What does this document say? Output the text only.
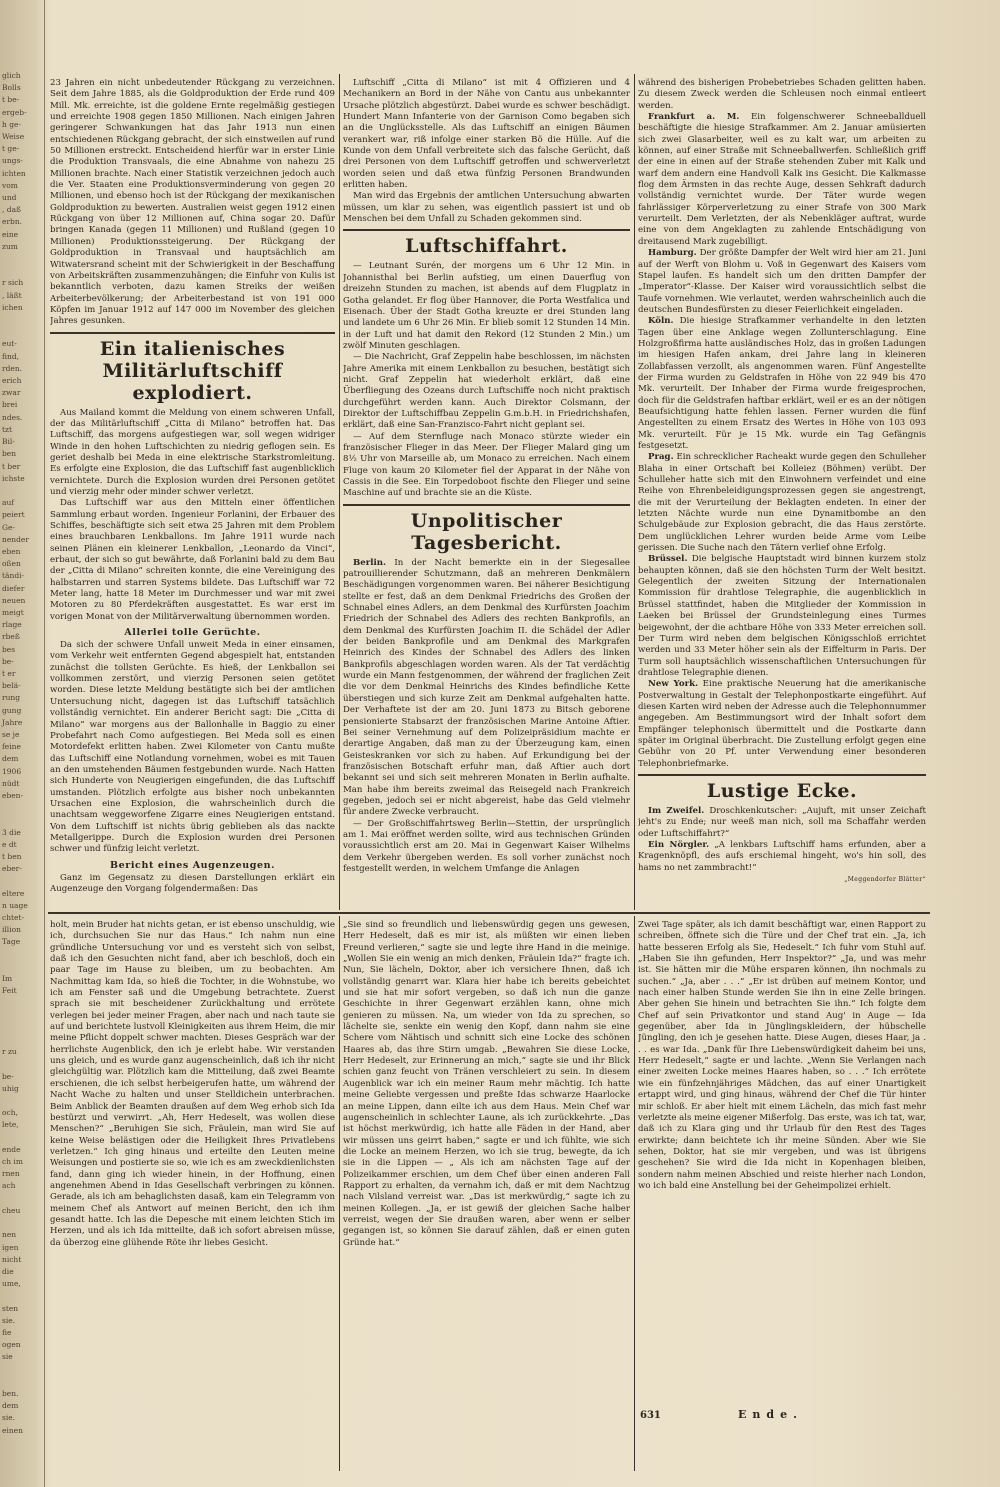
glich
Bolls
t be-
ergeb-
h ge-
Weise
t ge-
ungs-
ichten
vom
und
, daß
erbn.
eine
zum

r sich
, läßt
ichen

eut-
find,
rden.
erich
zwar
brei
ndes.
tzt
Bil-
ben
t ber
ichste

auf
peiert
Ge-
nender
eben
oßen
tändi-
diefer
neuen
meigt
rlage
rbeß
bes
be-
t er
belä-
rung
gung
Jahre
se je
feine
dem
1906
nüdt
eben-

3 die
e dt
t ben
eber-

eltere
n uage
chtet-
illion
Tage

Im
Feit

r zu

be-
uhig

och,
lete,

ende
ch im
rnen
ach

cheu

nen
igen
nicht
die
ume,

sten
sie.
fie
ogen
sie

ben.
dem
sie.
einen

23 Jahren ein nicht unbedeutender Rückgang zu verzeichnen. Seit dem Jahre 1885, als die Goldproduktion der Erde rund 409 Mill. Mk. erreichte, ist die goldene Ernte regelmäßig gestiegen und erreichte 1908 gegen 1850 Millionen. Nach einigen Jahren geringerer Schwankungen hat das Jahr 1913 nun einen entschiedenen Rückgang gebracht, der sich einstweilen auf rund 50 Millionen erstreckt. Entscheidend hierfür war in erster Linie die Produktion Transvaals, die eine Abnahme von nahezu 25 Millionen brachte. Nach einer Statistik verzeichnen jedoch auch die Ver. Staaten eine Produktionsverminderung von gegen 20 Millionen, und ebenso hoch ist der Rückgang der mexikanischen Goldproduktion zu bewerten. Australien weist gegen 1912 einen Rückgang von über 12 Millionen auf, China sogar 20. Dafür bringen Kanada (gegen 11 Millionen) und Rußland (gegen 10 Millionen) Produktionssteigerung. Der Rückgang der Goldproduktion in Transvaal und hauptsächlich am Witwatersrand scheint mit der Schwierigkeit in der Beschaffung von Arbeitskräften zusammenzuhängen; die Einfuhr von Kulis ist bekanntlich verboten, dazu kamen Streiks der weißen Arbeiterbevölkerung; der Arbeiterbestand ist von 191 000 Köpfen im Januar 1912 auf 147 000 im November des gleichen Jahres gesunken.

Ein italienisches Militärluftschiff explodiert.

Aus Mailand kommt die Meldung von einem schweren Unfall, der das Militärluftschiff „Citta di Milano“ betroffen hat. Das Luftschiff, das morgens aufgestiegen war, soll wegen widriger Winde in den hohen Luftschichten zu niedrig geflogen sein. Es geriet deshalb bei Meda in eine elektrische Starkstromleitung. Es erfolgte eine Explosion, die das Luftschiff fast augenblicklich vernichtete. Durch die Explosion wurden drei Personen getötet und vierzig mehr oder minder schwer verletzt.

Das Luftschiff war aus den Mitteln einer öffentlichen Sammlung erbaut worden. Ingenieur Forlanini, der Erbauer des Schiffes, beschäftigte sich seit etwa 25 Jahren mit dem Problem eines brauchbaren Lenkballons. Im Jahre 1911 wurde nach seinen Plänen ein kleinerer Lenkballon, „Leonardo da Vinci“, erbaut, der sich so gut bewährte, daß Forlanini bald zu dem Bau der „Citta di Milano“ schreiten konnte, die eine Vereinigung des halbstarren und starren Systems bildete. Das Luftschiff war 72 Meter lang, hatte 18 Meter im Durchmesser und war mit zwei Motoren zu 80 Pferdekräften ausgestattet. Es war erst im vorigen Monat von der Militärverwaltung übernommen worden.

Allerlei tolle Gerüchte.

Da sich der schwere Unfall unweit Meda in einer einsamen, vom Verkehr weit entfernten Gegend abgespielt hat, entstanden zunächst die tollsten Gerüchte. Es hieß, der Lenkballon sei vollkommen zerstört, und vierzig Personen seien getötet worden. Diese letzte Meldung bestätigte sich bei der amtlichen Untersuchung nicht, dagegen ist das Luftschiff tatsächlich vollständig vernichtet. Ein anderer Bericht sagt: Die „Citta di Milano“ war morgens aus der Ballonhalle in Baggio zu einer Probefahrt nach Como aufgestiegen. Bei Meda soll es einen Motordefekt erlitten haben. Zwei Kilometer von Cantu mußte das Luftschiff eine Notlandung vornehmen, wobei es mit Tauen an den umstehenden Bäumen festgebunden wurde. Nach Hatten sich Hunderte von Neugierigen eingefunden, die das Luftschiff umstanden. Plötzlich erfolgte aus bisher noch unbekannten Ursachen eine Explosion, die wahrscheinlich durch die unachtsam weggeworfene Zigarre eines Neugierigen entstand. Von dem Luftschiff ist nichts übrig geblieben als das nackte Metallgerippe. Durch die Explosion wurden drei Personen schwer und fünfzig leicht verletzt.

Bericht eines Augenzeugen.

Ganz im Gegensatz zu diesen Darstellungen erklärt ein Augenzeuge den Vorgang folgendermaßen: Das

Luftschiff „Citta di Milano“ ist mit 4 Offizieren und 4 Mechanikern an Bord in der Nähe von Cantu aus unbekannter Ursache plötzlich abgestürzt. Dabei wurde es schwer beschädigt. Hundert Mann Infanterie von der Garnison Como begaben sich an die Unglücksstelle. Als das Luftschiff an einigen Bäumen verankert war, riß infolge einer starken Bö die Hülle. Auf die Kunde von dem Unfall verbreitete sich das falsche Gerücht, daß drei Personen von dem Luftschiff getroffen und schwerverletzt worden seien und daß etwa fünfzig Personen Brandwunden erlitten haben.

Man wird das Ergebnis der amtlichen Untersuchung abwarten müssen, um klar zu sehen, was eigentlich passiert ist und ob Menschen bei dem Unfall zu Schaden gekommen sind.

Luftschiffahrt.

— Leutnant Surén, der morgens um 6 Uhr 12 Min. in Johannisthal bei Berlin aufstieg, um einen Dauerflug von dreizehn Stunden zu machen, ist abends auf dem Flugplatz in Gotha gelandet. Er flog über Hannover, die Porta Westfalica und Eisenach. Über der Stadt Gotha kreuzte er drei Stunden lang und landete um 6 Uhr 26 Min. Er blieb somit 12 Stunden 14 Min. in der Luft und hat damit den Rekord (12 Stunden 2 Min.) um zwölf Minuten geschlagen.

— Die Nachricht, Graf Zeppelin habe beschlossen, im nächsten Jahre Amerika mit einem Lenkballon zu besuchen, bestätigt sich nicht. Graf Zeppelin hat wiederholt erklärt, daß eine Überfliegung des Ozeans durch Luftschiffe noch nicht praktisch durchgeführt werden kann. Auch Direktor Colsmann, der Direktor der Luftschiffbau Zeppelin G.m.b.H. in Friedrichshafen, erklärt, daß eine San-Franzisco-Fahrt nicht geplant sei.

— Auf dem Sternfluge nach Monaco stürzte wieder ein französischer Flieger in das Meer. Der Flieger Malard ging um 8½ Uhr von Marseille ab, um Monaco zu erreichen. Nach einem Fluge von kaum 20 Kilometer fiel der Apparat in der Nähe von Cassis in die See. Ein Torpedoboot fischte den Flieger und seine Maschine auf und brachte sie an die Küste.

Unpolitischer Tagesbericht.

Berlin. In der Nacht bemerkte ein in der Siegesallee patrouillierender Schutzmann, daß an mehreren Denkmälern Beschädigungen vorgenommen waren. Bei näherer Besichtigung stellte er fest, daß an dem Denkmal Friedrichs des Großen der Schnabel eines Adlers, an dem Denkmal des Kurfürsten Joachim Friedrich der Schnabel des Adlers des rechten Bankprofils, an dem Denkmal des Kurfürsten Joachim II. die Schädel der Adler der beiden Bankprofile und am Denkmal des Markgrafen Heinrich des Kindes der Schnabel des Adlers des linken Bankprofils abgeschlagen worden waren. Als der Tat verdächtig wurde ein Mann festgenommen, der während der fraglichen Zeit die vor dem Denkmal Heinrichs des Kindes befindliche Kette überstiegen und sich kurze Zeit am Denkmal aufgehalten hatte. Der Verhaftete ist der am 20. Juni 1873 zu Bitsch geborene pensionierte Stabsarzt der französischen Marine Antoine Aftier. Bei seiner Vernehmung auf dem Polizeipräsidium machte er derartige Angaben, daß man zu der Überzeugung kam, einen Geisteskranken vor sich zu haben. Auf Erkundigung bei der französischen Botschaft erfuhr man, daß Aftier auch dort bekannt sei und sich seit mehreren Monaten in Berlin aufhalte. Man habe ihm bereits zweimal das Reisegeld nach Frankreich gegeben, jedoch sei er nicht abgereist, habe das Geld vielmehr für andere Zwecke verbraucht.

— Der Großschiffahrtsweg Berlin—Stettin, der ursprünglich am 1. Mai eröffnet werden sollte, wird aus technischen Gründen voraussichtlich erst am 20. Mai in Gegenwart Kaiser Wilhelms dem Verkehr übergeben werden. Es soll vorher zunächst noch festgestellt werden, in welchem Umfange die Anlagen

während des bisherigen Probebetriebes Schaden gelitten haben. Zu diesem Zweck werden die Schleusen noch einmal entleert werden.

Frankfurt a. M. Ein folgenschwerer Schneeballduell beschäftigte die hiesige Strafkammer. Am 2. Januar amüsierten sich zwei Glasarbeiter, weil es zu kalt war, um arbeiten zu können, auf einer Straße mit Schneeballwerfen. Schließlich griff der eine in einen auf der Straße stehenden Zuber mit Kalk und warf dem andern eine Handvoll Kalk ins Gesicht. Die Kalkmasse flog dem Ärmsten in das rechte Auge, dessen Sehkraft dadurch vollständig vernichtet wurde. Der Täter wurde wegen fahrlässiger Körperverletzung zu einer Strafe von 300 Mark verurteilt. Dem Verletzten, der als Nebenkläger auftrat, wurde eine von dem Angeklagten zu zahlende Entschädigung von dreitausend Mark zugebilligt.

Hamburg. Der größte Dampfer der Welt wird hier am 21. Juni auf der Werft von Blohm u. Voß in Gegenwart des Kaisers vom Stapel laufen. Es handelt sich um den dritten Dampfer der „Imperator“-Klasse. Der Kaiser wird voraussichtlich selbst die Taufe vornehmen. Wie verlautet, werden wahrscheinlich auch die deutschen Bundesfürsten zu dieser Feierlichkeit eingeladen.

Köln. Die hiesige Strafkammer verhandelte in den letzten Tagen über eine Anklage wegen Zollunterschlagung. Eine Holzgroßfirma hatte ausländisches Holz, das in großen Ladungen im hiesigen Hafen ankam, drei Jahre lang in kleineren Zollabfassen verzollt, als angenommen waren. Fünf Angestellte der Firma wurden zu Geldstrafen in Höhe von 22 949 bis 470 Mk. verurteilt. Der Inhaber der Firma wurde freigesprochen, doch für die Geldstrafen haftbar erklärt, weil er es an der nötigen Beaufsichtigung hatte fehlen lassen. Ferner wurden die fünf Angestellten zu einem Ersatz des Wertes in Höhe von 103 093 Mk. verurteilt. Für je 15 Mk. wurde ein Tag Gefängnis festgesetzt.

Prag. Ein schrecklicher Racheakt wurde gegen den Schulleher Blaha in einer Ortschaft bei Kolleiez (Böhmen) verübt. Der Schulleher hatte sich mit den Einwohnern verfeindet und eine Reihe von Ehrenbeleidigungsprozessen gegen sie angestrengt, die mit der Verurteilung der Beklagten endeten. In einer der letzten Nächte wurde nun eine Dynamitbombe an den Schulgebäude zur Explosion gebracht, die das Haus zerstörte. Dem unglücklichen Lehrer wurden beide Arme vom Leibe gerissen. Die Suche nach den Tätern verlief ohne Erfolg.

Brüssel. Die belgische Hauptstadt wird binnen kurzem stolz behaupten können, daß sie den höchsten Turm der Welt besitzt. Gelegentlich der zweiten Sitzung der Internationalen Kommission für drahtlose Telegraphie, die augenblicklich in Brüssel stattfindet, haben die Mitglieder der Kommission in Laeken bei Brüssel der Grundsteinlegung eines Turmes beigewohnt, der die achtbare Höhe von 333 Meter erreichen soll. Der Turm wird neben dem belgischen Königsschloß errichtet werden und 33 Meter höher sein als der Eiffelturm in Paris. Der Turm soll hauptsächlich wissenschaftlichen Untersuchungen für drahtlose Telegraphie dienen.

New York. Eine praktische Neuerung hat die amerikanische Postverwaltung in Gestalt der Telephonpostkarte eingeführt. Auf diesen Karten wird neben der Adresse auch die Telephonnummer angegeben. Am Bestimmungsort wird der Inhalt sofort dem Empfänger telephonisch übermittelt und die Postkarte dann später im Original überbracht. Die Zustellung erfolgt gegen eine Gebühr von 20 Pf. unter Verwendung einer besonderen Telephonbriefmarke.

Lustige Ecke.

Im Zweifel. Droschkenkutscher: „Aujuft, mit unser Zeichaft jeht's zu Ende; nur weeß man nich, soll ma Schaffahr werden oder Luftschiffahrt?“

Ein Nörgler. „A lenkbars Luftschiff hams erfunden, aber a Kragenknöpfl, des aufs erschiemal hingeht, wo's hin soll, des hams no net zammbracht!“

„Meggendorfer Blätter“

holt, mein Bruder hat nichts getan, er ist ebenso unschuldig, wie ich, durchsuchen Sie nur das Haus.“ Ich nahm nun eine gründliche Untersuchung vor und es versteht sich von selbst, daß ich den Gesuchten nicht fand, aber ich beschloß, doch ein paar Tage im Hause zu bleiben, um zu beobachten. Am Nachmittag kam Ida, so hieß die Tochter, in die Wohnstube, wo ich am Fenster saß und die Umgebung betrachtete. Zuerst sprach sie mit bescheidener Zurückhaltung und errötete verlegen bei jeder meiner Fragen, aber nach und nach taute sie auf und berichtete lustvoll Kleinigkeiten aus ihrem Heim, die mir meine Pflicht doppelt schwer machten. Dieses Gespräch war der herrlichste Augenblick, den ich je erlebt habe. Wir verstanden uns gleich, und es wurde ganz augenscheinlich, daß ich ihr nicht gleichgültig war. Plötzlich kam die Mitteilung, daß zwei Beamte erschienen, die ich selbst herbeigerufen hatte, um während der Nacht Wache zu halten und unser Stelldichein unterbrachen. Beim Anblick der Beamten draußen auf dem Weg erhob sich Ida bestürzt und verwirrt. „Ah, Herr Hedeselt, was wollen diese Menschen?“ „Beruhigen Sie sich, Fräulein, man wird Sie auf keine Weise belästigen oder die Heiligkeit Ihres Privatlebens verletzen.“ Ich ging hinaus und erteilte den Leuten meine Weisungen und postierte sie so, wie ich es am zweckdienlichsten fand, dann ging ich wieder hinein, in der Hoffnung, einen angenehmen Abend in Idas Gesellschaft verbringen zu können. Gerade, als ich am behaglichsten dasaß, kam ein Telegramm von meinem Chef als Antwort auf meinen Bericht, den ich ihm gesandt hatte. Ich las die Depesche mit einem leichten Stich im Herzen, und als ich Ida mitteilte, daß ich sofort abreisen müsse, da überzog eine glühende Röte ihr liebes Gesicht.

„Sie sind so freundlich und liebenswürdig gegen uns gewesen, Herr Hedeselt, daß es mir ist, als müßten wir einen lieben Freund verlieren,“ sagte sie und legte ihre Hand in die meinige. „Wollen Sie ein wenig an mich denken, Fräulein Ida?“ fragte ich. Nun, Sie lächeln, Doktor, aber ich versichere Ihnen, daß ich vollständig genarrt war. Klara hier habe ich bereits gebeichtet und sie hat mir sofort vergeben, so daß ich nun die ganze Geschichte in ihrer Gegenwart erzählen kann, ohne mich genieren zu müssen. Na, um wieder von Ida zu sprechen, so lächelte sie, senkte ein wenig den Kopf, dann nahm sie eine Schere vom Nähtisch und schnitt sich eine Locke des schönen Haares ab, das ihre Stirn umgab. „Bewahren Sie diese Locke, Herr Hedeselt, zur Erinnerung an mich,“ sagte sie und ihr Blick schien ganz feucht von Tränen verschleiert zu sein. In diesem Augenblick war ich ein meiner Raum mehr mächtig. Ich hatte meine Geliebte vergessen und preßte Idas schwarze Haarlocke an meine Lippen, dann eilte ich aus dem Haus. Mein Chef war augenscheinlich in schlechter Laune, als ich zurückkehrte. „Das ist höchst merkwürdig, ich hatte alle Fäden in der Hand, aber wir müssen uns geirrt haben,“ sagte er und ich fühlte, wie sich die Locke an meinem Herzen, wo ich sie trug, bewegte, da ich sie in die Lippen — „ Als ich am nächsten Tage auf der Polizeikammer erschien, um dem Chef über einen anderen Fall Rapport zu erhalten, da vernahm ich, daß er mit dem Nachtzug nach Vilsland verreist war. „Das ist merkwürdig,“ sagte ich zu meinen Kollegen. „Ja, er ist gewiß der gleichen Sache halber verreist, wegen der Sie draußen waren, aber wenn er selber gegangen ist, so können Sie darauf zählen, daß er einen guten Gründe hat.“

Zwei Tage später, als ich damit beschäftigt war, einen Rapport zu schreiben, öffnete sich die Türe und der Chef trat ein. „Ja, ich hatte besseren Erfolg als Sie, Hedeselt.“ Ich fuhr vom Stuhl auf. „Haben Sie ihn gefunden, Herr Inspektor?“ „Ja, und was mehr ist. Sie hätten mir die Mühe ersparen können, ihn nochmals zu suchen.“ „Ja, aber . . .“ „Er ist drüben auf meinem Kontor, und nach einer halben Stunde werden Sie ihn in eine Zelle bringen. Aber gehen Sie hinein und betrachten Sie ihn.“ Ich folgte dem Chef auf sein Privatkontor und stand Aug' in Auge — Ida gegenüber, aber Ida in Jünglingskleidern, der hübschelle Jüngling, den ich je gesehen hatte. Diese Augen, dieses Haar, ja . . . es war Ida. „Dank für Ihre Liebenswürdigkeit daheim bei uns, Herr Hedeselt,“ sagte er und lachte. „Wenn Sie Verlangen nach einer zweiten Locke meines Haares haben, so . . .“ Ich errötete wie ein fünfzehnjähriges Mädchen, das auf einer Unartigkeit ertappt wird, und ging hinaus, während der Chef die Tür hinter mir schloß. Er aber hielt mit einem Lächeln, das mich fast mehr verletzte als meine eigener Mißerfolg. Das erste, was ich tat, war, daß ich zu Klara ging und ihr Urlaub für den Rest des Tages erwirkte; dann beichtete ich ihr meine Sünden. Aber wie Sie sehen, Doktor, hat sie mir vergeben, und was ist übrigens geschehen? Sie wird die Ida nicht in Kopenhagen bleiben, sondern nahm meinen Abschied und reiste hierher nach London, wo ich bald eine Anstellung bei der Geheimpolizei erhielt.

631	Ende.
